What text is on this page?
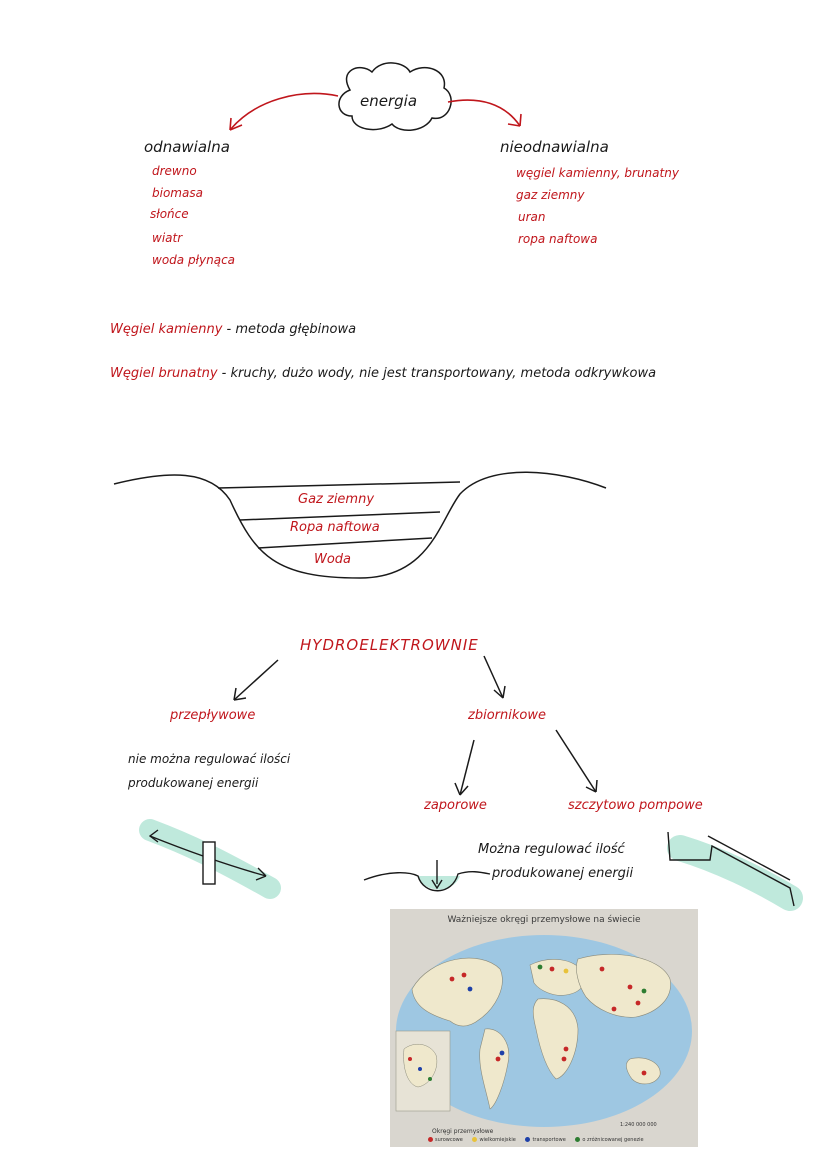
energia
odnawialna
drewno
biomasa
słońce
wiatr
woda płynąca
nieodnawialna
węgiel kamienny, brunatny
gaz ziemny
uran
ropa naftowa
Węgiel kamienny - metoda głębinowa
Węgiel brunatny - kruchy, dużo wody, nie jest transportowany, metoda odkrywkowa
Gaz ziemny
Ropa naftowa
Woda
HYDROELEKTROWNIE
przepływowe
nie można regulować ilości
produkowanej energii
zbiornikowe
zaporowe	szczytowo pompowe
Można regulować ilość
produkowanej energii
Ważniejsze okręgi przemysłowe na świecie
1:240 000 000
Okręgi przemysłowe
surowcowe	wielkomiejskie	transportowe	o zróżnicowanej genezie
